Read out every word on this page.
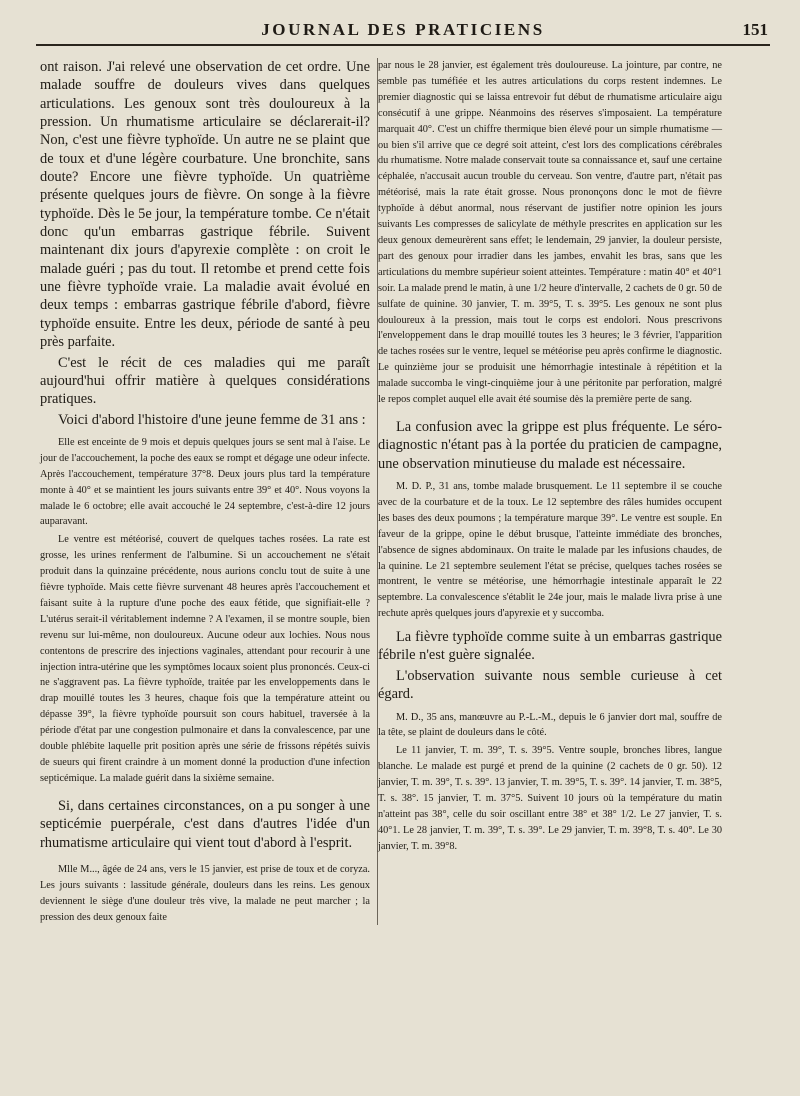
JOURNAL DES PRATICIENS	151

ont raison. J'ai relevé une observation de cet ordre. Une malade souffre de douleurs vives dans quelques articulations. Les genoux sont très douloureux à la pression. Un rhumatisme articulaire se déclarerait-il? Non, c'est une fièvre typhoïde. Un autre ne se plaint que de toux et d'une légère courbature. Une bronchite, sans doute? Encore une fièvre typhoïde. Un quatrième présente quelques jours de fièvre. On songe à la fièvre typhoïde. Dès le 5e jour, la température tombe. Ce n'était donc qu'un embarras gastrique fébrile. Suivent maintenant dix jours d'apyrexie complète : on croit le malade guéri ; pas du tout. Il retombe et prend cette fois une fièvre typhoïde vraie. La maladie avait évolué en deux temps : embarras gastrique fébrile d'abord, fièvre typhoïde ensuite. Entre les deux, période de santé à peu près parfaite.

C'est le récit de ces maladies qui me paraît aujourd'hui offrir matière à quelques considérations pratiques.

Voici d'abord l'histoire d'une jeune femme de 31 ans :

Elle est enceinte de 9 mois et depuis quelques jours se sent mal à l'aise. Le jour de l'accouchement, la poche des eaux se rompt et dégage une odeur infecte. Après l'accouchement, température 37°8. Deux jours plus tard la température monte à 40° et se maintient les jours suivants entre 39° et 40°. Nous voyons la malade le 6 octobre; elle avait accouché le 24 septembre, c'est-à-dire 12 jours auparavant.

Le ventre est météorisé, couvert de quelques taches rosées. La rate est grosse, les urines renferment de l'albumine. Si un accouchement ne s'était produit dans la quinzaine précédente, nous aurions conclu tout de suite à une fièvre typhoïde. Mais cette fièvre survenant 48 heures après l'accouchement et faisant suite à la rupture d'une poche des eaux fétide, que signifiait-elle ? L'utérus serait-il véritablement indemne ? A l'examen, il se montre souple, bien revenu sur lui-même, non douloureux. Aucune odeur aux lochies. Nous nous contentons de prescrire des injections vaginales, attendant pour recourir à une injection intra-utérine que les symptômes locaux soient plus prononcés. Ceux-ci ne s'aggravent pas. La fièvre typhoïde, traitée par les enveloppements dans le drap mouillé toutes les 3 heures, chaque fois que la température atteint ou dépasse 39°, la fièvre typhoïde poursuit son cours habituel, traversée à la période d'état par une congestion pulmonaire et dans la convalescence, par une double phlébite laquelle prit position après une série de frissons répétés suivis de sueurs qui firent craindre à un moment donné la production d'une infection septicémique. La malade guérit dans la sixième semaine.

Si, dans certaines circonstances, on a pu songer à une septicémie puerpérale, c'est dans d'autres l'idée d'un rhumatisme articulaire qui vient tout d'abord à l'esprit.

Mlle M..., âgée de 24 ans, vers le 15 janvier, est prise de toux et de coryza. Les jours suivants : lassitude générale, douleurs dans les reins. Les genoux deviennent le siège d'une douleur très vive, la malade ne peut marcher ; la pression des deux genoux faite

par nous le 28 janvier, est également très douloureuse. La jointure, par contre, ne semble pas tuméfiée et les autres articulations du corps restent indemnes. Le premier diagnostic qui se laissa entrevoir fut début de rhumatisme articulaire aigu consécutif à une grippe. Néanmoins des réserves s'imposaient. La température marquait 40°. C'est un chiffre thermique bien élevé pour un simple rhumatisme — ou bien s'il arrive que ce degré soit atteint, c'est lors des complications cérébrales du rhumatisme. Notre malade conservait toute sa connaissance et, sauf une certaine céphalée, n'accusait aucun trouble du cerveau. Son ventre, d'autre part, n'était pas météorisé, mais la rate était grosse. Nous prononçons donc le mot de fièvre typhoïde à début anormal, nous réservant de justifier notre opinion les jours suivants Les compresses de salicylate de méthyle prescrites en application sur les deux genoux demeurèrent sans effet; le lendemain, 29 janvier, la douleur persiste, part des genoux pour irradier dans les jambes, envahit les bras, sans que les articulations du membre supérieur soient atteintes. Température : matin 40° et 40°1 soir. La malade prend le matin, à une 1/2 heure d'intervalle, 2 cachets de 0 gr. 50 de sulfate de quinine. 30 janvier, T. m. 39°5, T. s. 39°5. Les genoux ne sont plus douloureux à la pression, mais tout le corps est endolori. Nous prescrivons l'enveloppement dans le drap mouillé toutes les 3 heures; le 3 février, l'apparition de taches rosées sur le ventre, lequel se météorise peu après confirme le diagnostic. Le quinzième jour se produisit une hémorrhagie intestinale à répétition et la malade succomba le vingt-cinquième jour à une péritonite par perforation, malgré le repos complet auquel elle avait été soumise dès la première perte de sang.

La confusion avec la grippe est plus fréquente. Le séro-diagnostic n'étant pas à la portée du praticien de campagne, une observation minutieuse du malade est nécessaire.

M. D. P., 31 ans, tombe malade brusquement. Le 11 septembre il se couche avec de la courbature et de la toux. Le 12 septembre des râles humides occupent les bases des deux poumons ; la température marque 39°. Le ventre est souple. En faveur de la grippe, opine le début brusque, l'atteinte immédiate des bronches, l'absence de signes abdominaux. On traite le malade par les infusions chaudes, de la quinine. Le 21 septembre seulement l'état se précise, quelques taches rosées se montrent, le ventre se météorise, une hémorrhagie intestinale apparaît le 22 septembre. La convalescence s'établit le 24e jour, mais le malade livra prise à une rechute après quelques jours d'apyrexie et y succomba.

La fièvre typhoïde comme suite à un embarras gastrique fébrile n'est guère signalée.

L'observation suivante nous semble curieuse à cet égard.

M. D., 35 ans, manœuvre au P.-L.-M., depuis le 6 janvier dort mal, souffre de la tête, se plaint de douleurs dans le côté.

Le 11 janvier, T. m. 39°, T. s. 39°5. Ventre souple, bronches libres, langue blanche. Le malade est purgé et prend de la quinine (2 cachets de 0 gr. 50). 12 janvier, T. m. 39°, T. s. 39°. 13 janvier, T. m. 39°5, T. s. 39°. 14 janvier, T. m. 38°5, T. s. 38°. 15 janvier, T. m. 37°5. Suivent 10 jours où la température du matin n'atteint pas 38°, celle du soir oscillant entre 38° et 38° 1/2. Le 27 janvier, T. s. 40°1. Le 28 janvier, T. m. 39°, T. s. 39°. Le 29 janvier, T. m. 39°8, T. s. 40°. Le 30 janvier, T. m. 39°8.
